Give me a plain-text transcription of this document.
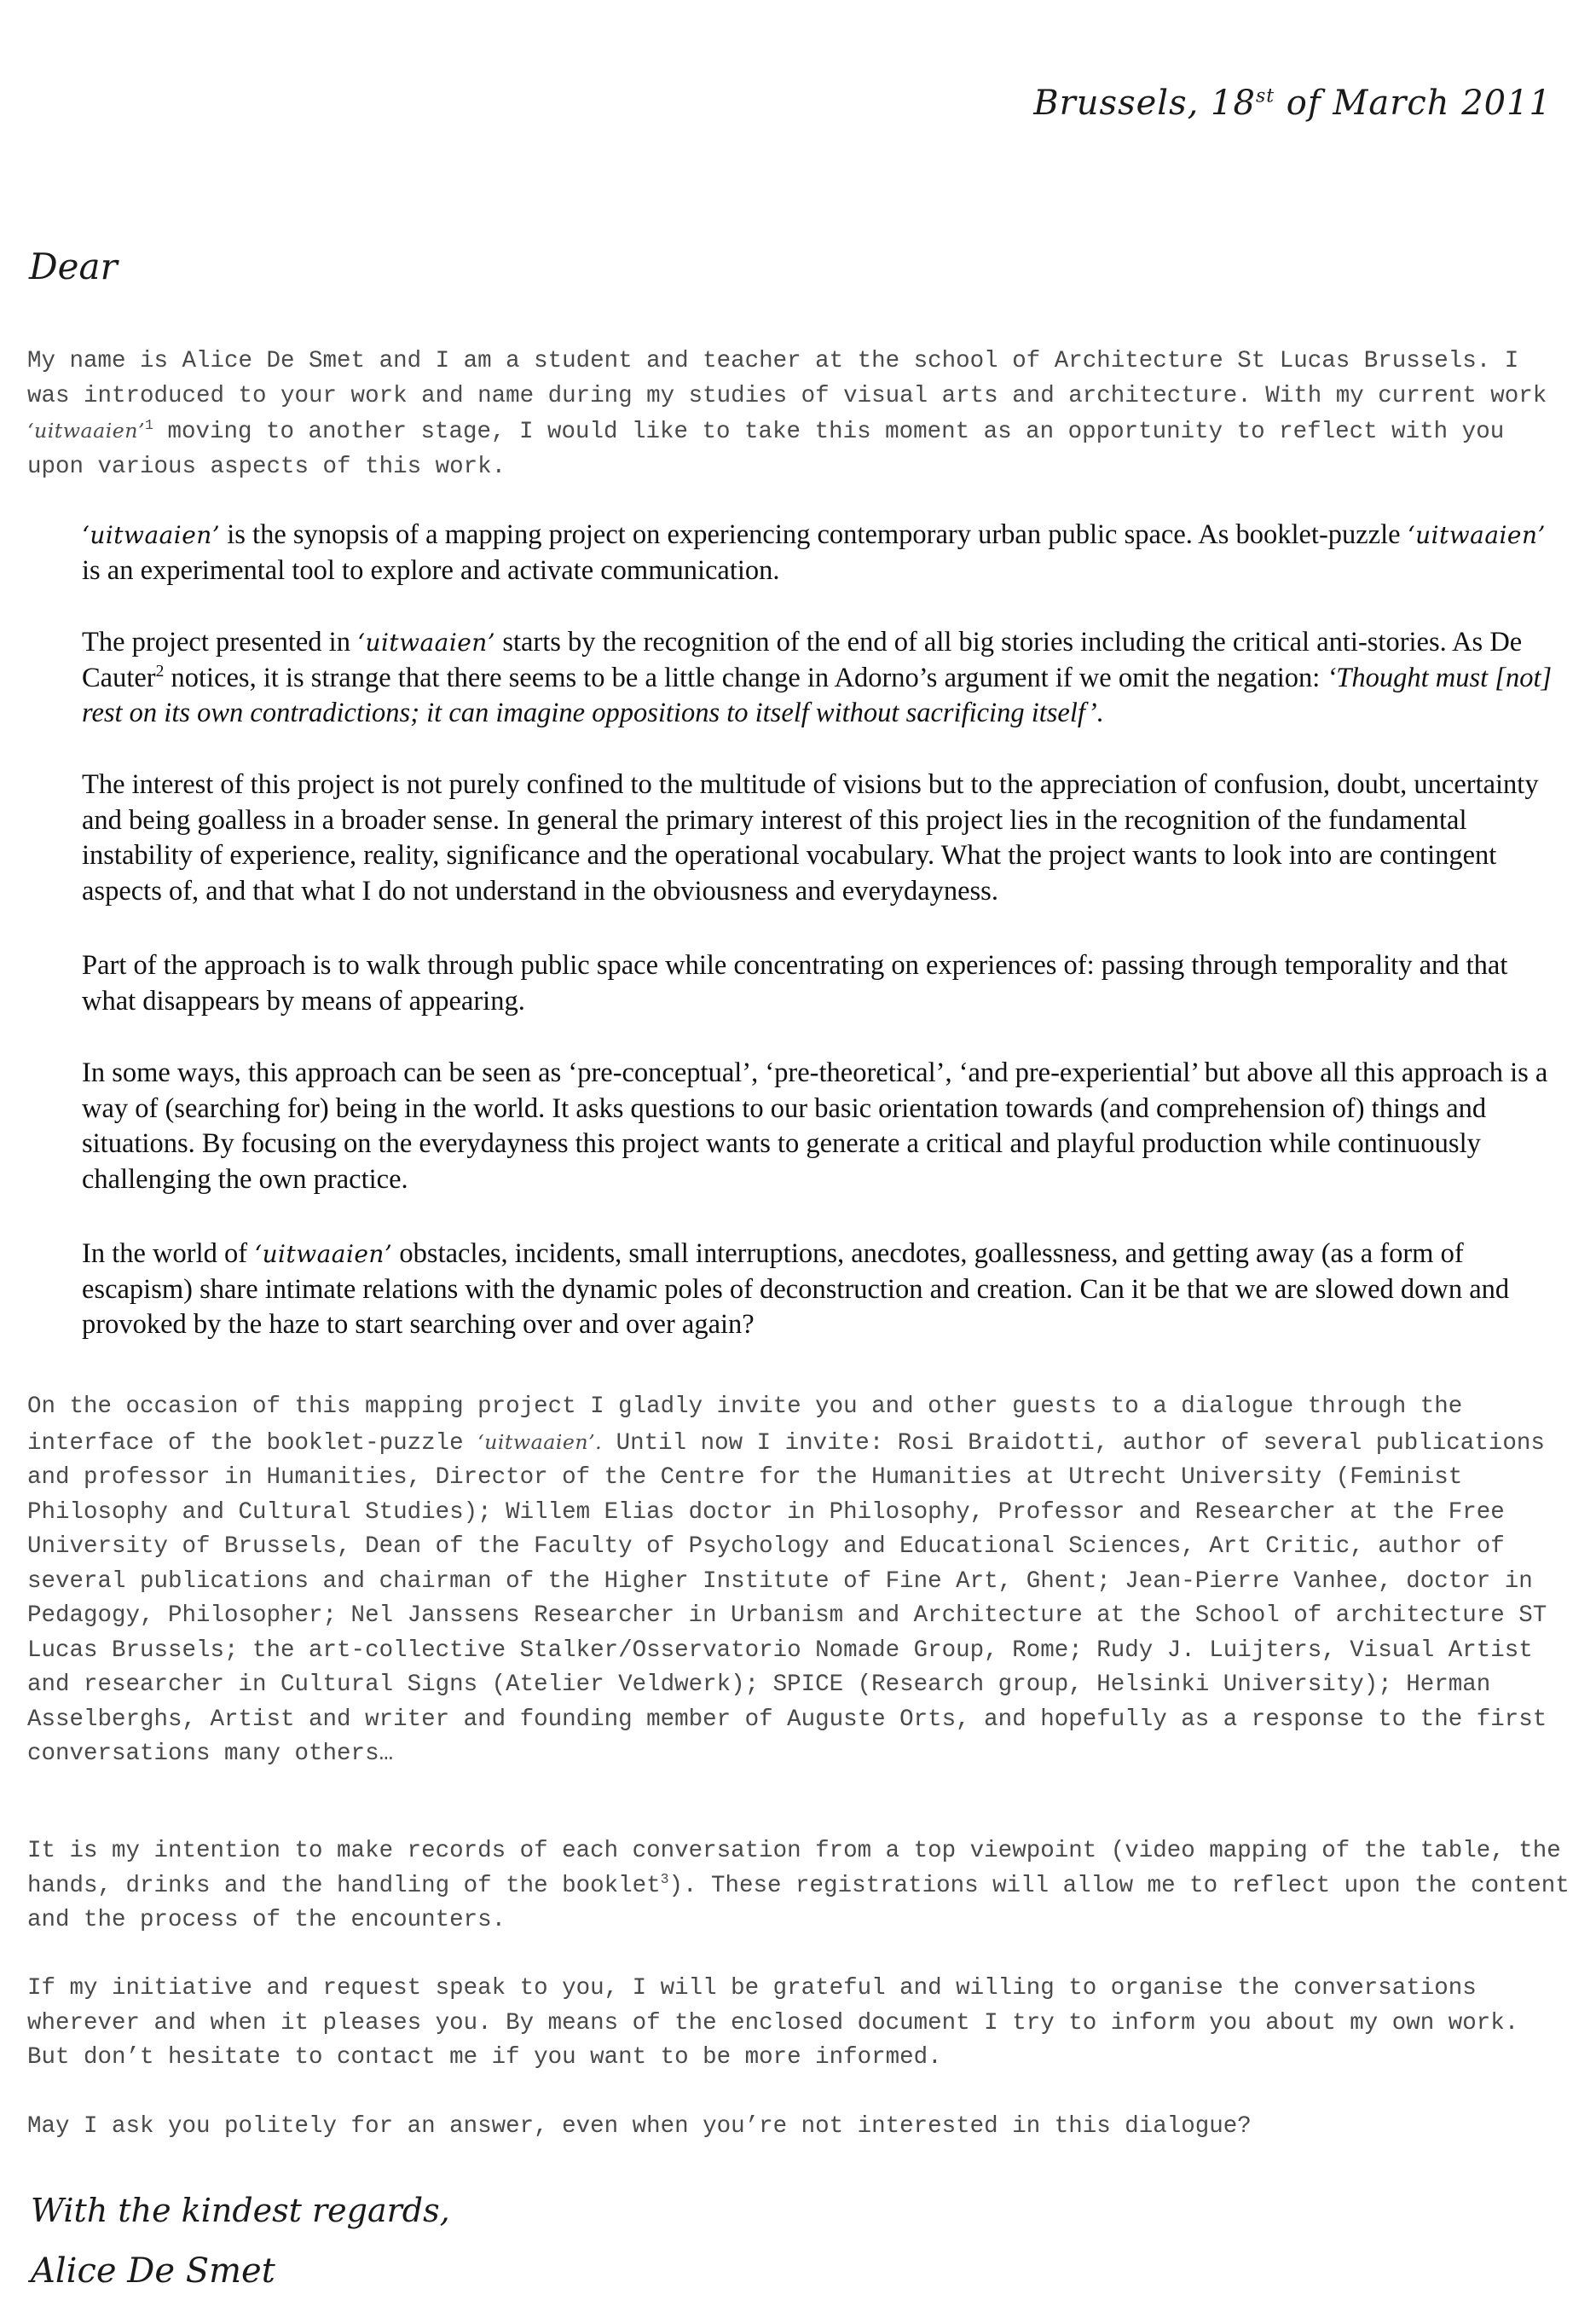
Brussels, 18st of March 2011
Dear

My name is Alice De Smet and I am a student and teacher at the school of Architecture St Lucas Brussels. I was introduced to your work and name during my studies of visual arts and architecture. With my current work ‘uitwaaien’$^1$ moving to another stage, I would like to take this moment as an opportunity to reflect with you upon various aspects of this work.

‘uitwaaien’ is the synopsis of a mapping project on experiencing contemporary urban public space. As booklet-puzzle ‘uitwaaien’ is an experimental tool to explore and activate communication.

The project presented in ‘uitwaaien’ starts by the recognition of the end of all big stories including the critical anti-stories. As De Cauter$^2$ notices, it is strange that there seems to be a little change in Adorno’s argument if we omit the negation: ‘Thought must [not] rest on its own contradictions; it can imagine oppositions to itself without sacrificing itself’.

The interest of this project is not purely confined to the multitude of visions but to the appreciation of confusion, doubt, uncertainty and being goalless in a broader sense. In general the primary interest of this project lies in the recognition of the fundamental instability of experience, reality, significance and the operational vocabulary. What the project wants to look into are contingent aspects of, and that what I do not understand in the obviousness and everydayness.

Part of the approach is to walk through public space while concentrating on experiences of: passing through temporality and that what disappears by means of appearing.

In some ways, this approach can be seen as ‘pre-conceptual’, ‘pre-theoretical’, ‘and pre-experiential’ but above all this approach is a way of (searching for) being in the world. It asks questions to our basic orientation towards (and comprehension of) things and situations. By focusing on the everydayness this project wants to generate a critical and playful production while continuously challenging the own practice.

In the world of ‘uitwaaien’ obstacles, incidents, small interruptions, anecdotes, goallessness, and getting away (as a form of escapism) share intimate relations with the dynamic poles of deconstruction and creation. Can it be that we are slowed down and provoked by the haze to start searching over and over again?

On the occasion of this mapping project I gladly invite you and other guests to a dialogue through the interface of the booklet-puzzle ‘uitwaaien’. Until now I invite: Rosi Braidotti, author of several publications and professor in Humanities, Director of the Centre for the Humanities at Utrecht University (Feminist Philosophy and Cultural Studies); Willem Elias doctor in Philosophy, Professor and Researcher at the Free University of Brussels, Dean of the Faculty of Psychology and Educational Sciences, Art Critic, author of several publications and chairman of the Higher Institute of Fine Art, Ghent; Jean-Pierre Vanhee, doctor in Pedagogy, Philosopher; Nel Janssens Researcher in Urbanism and Architecture at the School of architecture ST Lucas Brussels; the art-collective Stalker/Osservatorio Nomade Group, Rome; Rudy J. Luijters, Visual Artist and researcher in Cultural Signs (Atelier Veldwerk); SPICE (Research group, Helsinki University); Herman Asselberghs, Artist and writer and founding member of Auguste Orts, and hopefully as a response to the first conversations many others…

It is my intention to make records of each conversation from a top viewpoint (video mapping of the table, the hands, drinks and the handling of the booklet$^3$). These registrations will allow me to reflect upon the content and the process of the encounters.

If my initiative and request speak to you, I will be grateful and willing to organise the conversations wherever and when it pleases you. By means of the enclosed document I try to inform you about my own work. But don’t hesitate to contact me if you want to be more informed.

May I ask you politely for an answer, even when you’re not interested in this dialogue?

With the kindest regards,
Alice De Smet
